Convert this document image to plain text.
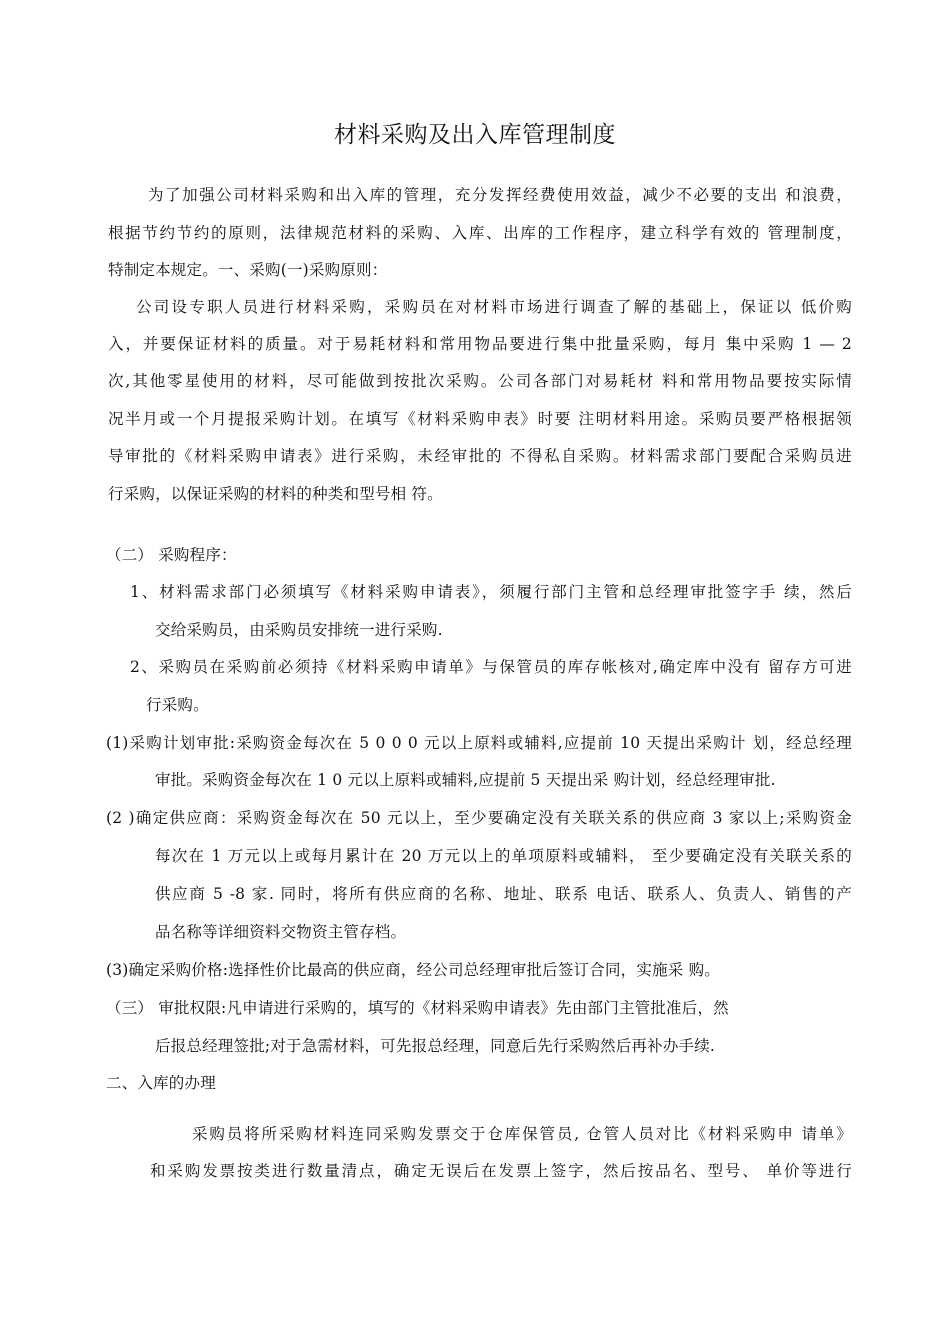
材料采购及出入库管理制度
为了加强公司材料采购和出入库的管理，充分发挥经费使用效益，减少不必要的支出 和浪费，
根据节约节约的原则，法律规范材料的采购、入库、出库的工作程序，建立科学有效的 管理制度，
特制定本规定。一、采购(一)采购原则：
公司设专职人员进行材料采购，采购员在对材料市场进行调查了解的基础上，保证以 低价购
入，并要保证材料的质量。对于易耗材料和常用物品要进行集中批量采购，每月 集中采购 1 — 2
次,其他零星使用的材料，尽可能做到按批次采购。公司各部门对易耗材 料和常用物品要按实际情
况半月或一个月提报采购计划。在填写《材料采购申表》时要 注明材料用途。采购员要严格根据领
导审批的《材料采购申请表》进行采购，未经审批的 不得私自采购。材料需求部门要配合采购员进
行采购，以保证采购的材料的种类和型号相 符。
（二） 采购程序：
1、材料需求部门必须填写《材料采购申请表》，须履行部门主管和总经理审批签字手 续，然后
交给采购员，由采购员安排统一进行采购.
2、采购员在采购前必须持《材料采购申请单》与保管员的库存帐核对,确定库中没有 留存方可进
行采购。
(1)采购计划审批:采购资金每次在 5 0 0 0 元以上原料或辅料,应提前 10 天提出采购计 划，经总经理
审批。采购资金每次在 1 0 元以上原料或辅料,应提前 5 天提出采 购计划，经总经理审批.
(2 )确定供应商：采购资金每次在 50 元以上，至少要确定没有关联关系的供应商 3 家以上;采购资金
每次在 1 万元以上或每月累计在 20 万元以上的单项原料或辅料， 至少要确定没有关联关系的
供应商 5 -8 家. 同时，将所有供应商的名称、地址、联系 电话、联系人、负责人、销售的产
品名称等详细资料交物资主管存档。
(3)确定采购价格:选择性价比最高的供应商，经公司总经理审批后签订合同，实施采 购。
（三） 审批权限:凡申请进行采购的，填写的《材料采购申请表》先由部门主管批准后，然
后报总经理签批;对于急需材料，可先报总经理，同意后先行采购然后再补办手续.
二、入库的办理
采购员将所采购材料连同采购发票交于仓库保管员, 仓管人员对比《材料采购申 请单》
和采购发票按类进行数量清点，确定无误后在发票上签字，然后按品名、型号、 单价等进行
